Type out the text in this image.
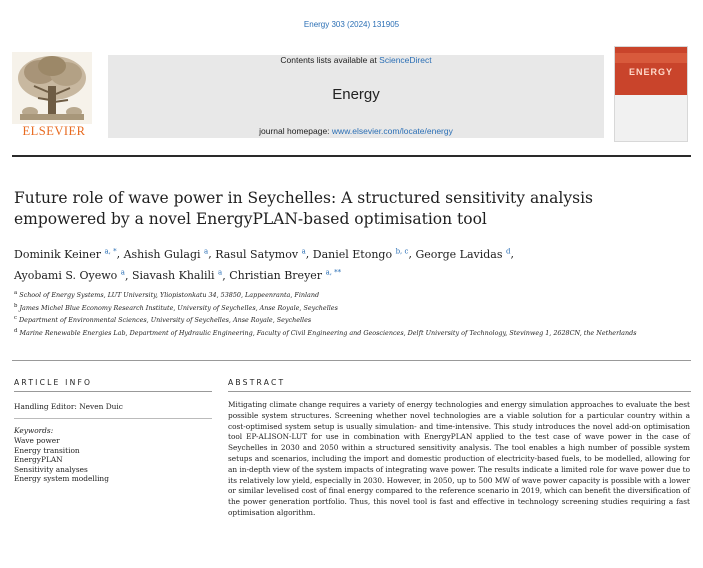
Energy 303 (2024) 131905
ELSEVIER
Contents lists available at ScienceDirect
Energy
journal homepage: www.elsevier.com/locate/energy
ENERGY
Future role of wave power in Seychelles: A structured sensitivity analysis empowered by a novel EnergyPLAN-based optimisation tool
Dominik Keiner $^{a, *}$, Ashish Gulagi $^a$, Rasul Satymov $^a$, Daniel Etongo $^{b, c}$, George Lavidas $^d$,
Ayobami S. Oyewo $^a$, Siavash Khalili $^a$, Christian Breyer $^{a, **}$
$^a$ School of Energy Systems, LUT University, Yliopistonkatu 34, 53850, Lappeenranta, Finland
$^b$ James Michel Blue Economy Research Institute, University of Seychelles, Anse Royale, Seychelles
$^c$ Department of Environmental Sciences, University of Seychelles, Anse Royale, Seychelles
$^d$ Marine Renewable Energies Lab, Department of Hydraulic Engineering, Faculty of Civil Engineering and Geosciences, Delft University of Technology, Stevinweg 1, 2628CN, the Netherlands
ARTICLE INFO	ABSTRACT
Handling Editor: Neven Duic
Keywords:
Wave power
Energy transition
EnergyPLAN
Sensitivity analyses
Energy system modelling
Mitigating climate change requires a variety of energy technologies and energy simulation approaches to evaluate the best possible system structures. Screening whether novel technologies are a viable solution for a particular country within a cost-optimised system setup is usually simulation- and time-intensive. This study introduces the novel add-on optimisation tool EP-ALISON-LUT for use in combination with EnergyPLAN applied to the test case of wave power in the case of Seychelles in 2030 and 2050 within a structured sensitivity analysis. The tool enables a high number of possible system setups and scenarios, including the import and domestic production of electricity-based fuels, to be modelled, allowing for an in-depth view of the system impacts of integrating wave power. The results indicate a limited role for wave power due to its relatively low yield, especially in 2030. However, in 2050, up to 500 MW of wave power capacity is possible with a lower or similar levelised cost of final energy compared to the reference scenario in 2019, which can benefit the diversification of the power generation portfolio. Thus, this novel tool is fast and effective in technology screening studies requiring a fast optimisation algorithm.
